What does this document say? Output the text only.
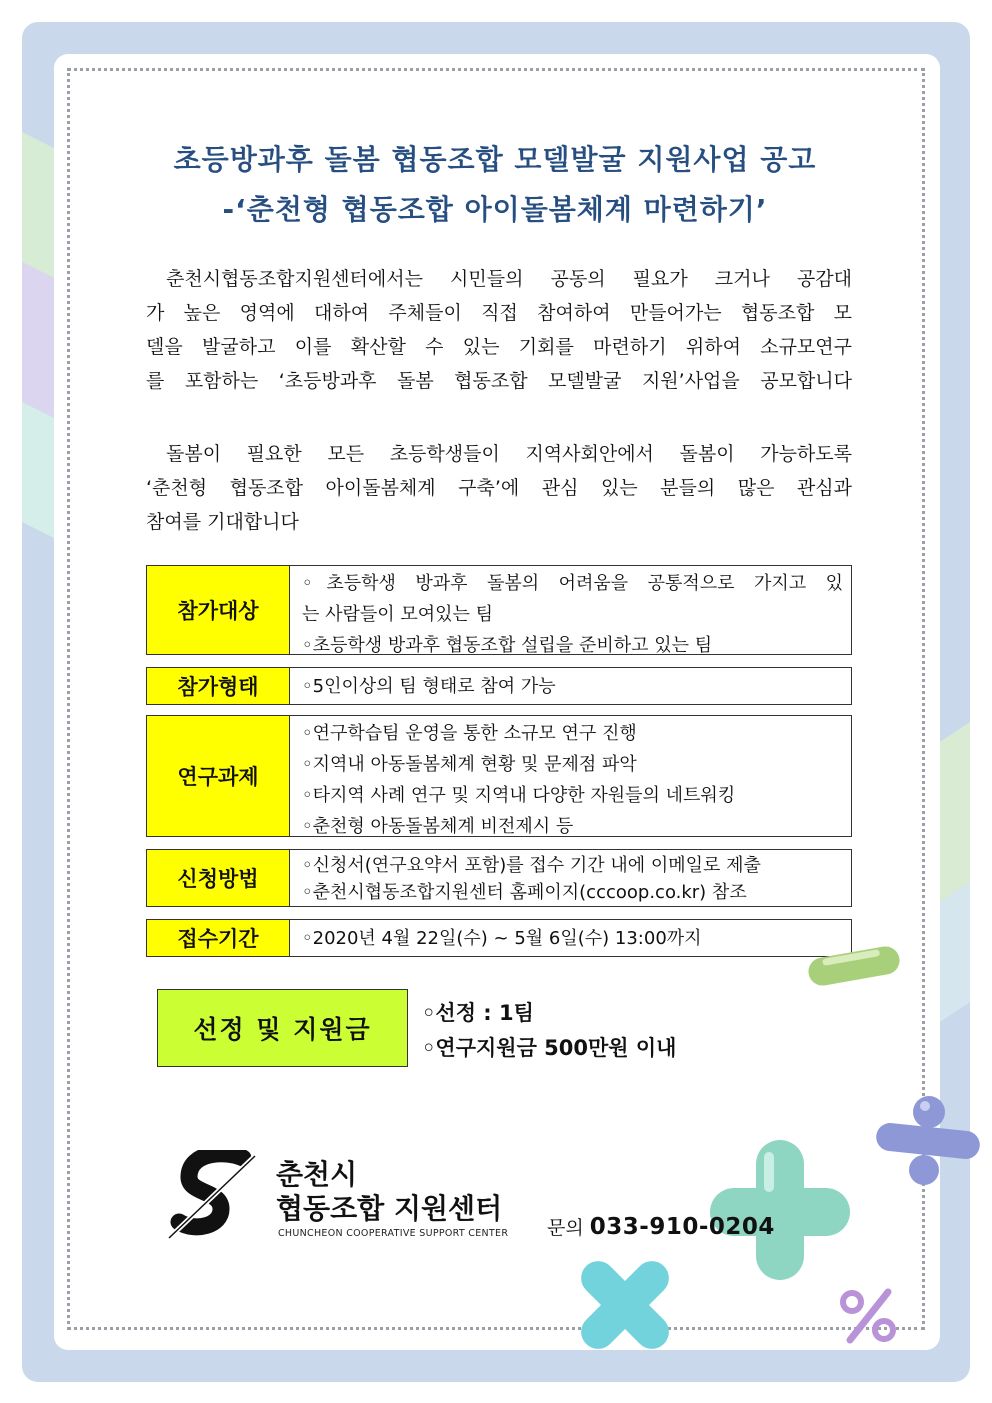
초등방과후 돌봄 협동조합 모델발굴 지원사업 공고
-‘춘천형 협동조합 아이돌봄체계 마련하기’
춘천시협동조합지원센터에서는 시민들의 공동의 필요가 크거나 공감대
가 높은 영역에 대하여 주체들이 직접 참여하여 만들어가는 협동조합 모
델을 발굴하고 이를 확산할 수 있는 기회를 마련하기 위하여 소규모연구
를 포함하는 ‘초등방과후 돌봄 협동조합 모델발굴 지원’사업을 공모합니다
돌봄이 필요한 모든 초등학생들이 지역사회안에서 돌봄이 가능하도록
‘춘천형 협동조합 아이돌봄체계 구축’에 관심 있는 분들의 많은 관심과
참여를 기대합니다
참가대상
◦초등학생 방과후 돌봄의 어려움을 공통적으로 가지고 있
는 사람들이 모여있는 팀
◦초등학생 방과후 협동조합 설립을 준비하고 있는 팀
참가형태	◦5인이상의 팀 형태로 참여 가능
연구과제
◦연구학습팀 운영을 통한 소규모 연구 진행
◦지역내 아동돌봄체계 현황 및 문제점 파악
◦타지역 사례 연구 및 지역내 다양한 자원들의 네트워킹
◦춘천형 아동돌봄체계 비전제시 등
신청방법
◦신청서(연구요약서 포함)를 접수 기간 내에 이메일로 제출
◦춘천시협동조합지원센터 홈페이지(cccoop.co.kr) 참조
접수기간	◦2020년 4월 22일(수) ~ 5월 6일(수) 13:00까지
선정 및 지원금
◦선정 : 1팀
◦연구지원금 500만원 이내
춘천시
협동조합 지원센터
CHUNCHEON COOPERATIVE SUPPORT CENTER 문의 033-910-0204
